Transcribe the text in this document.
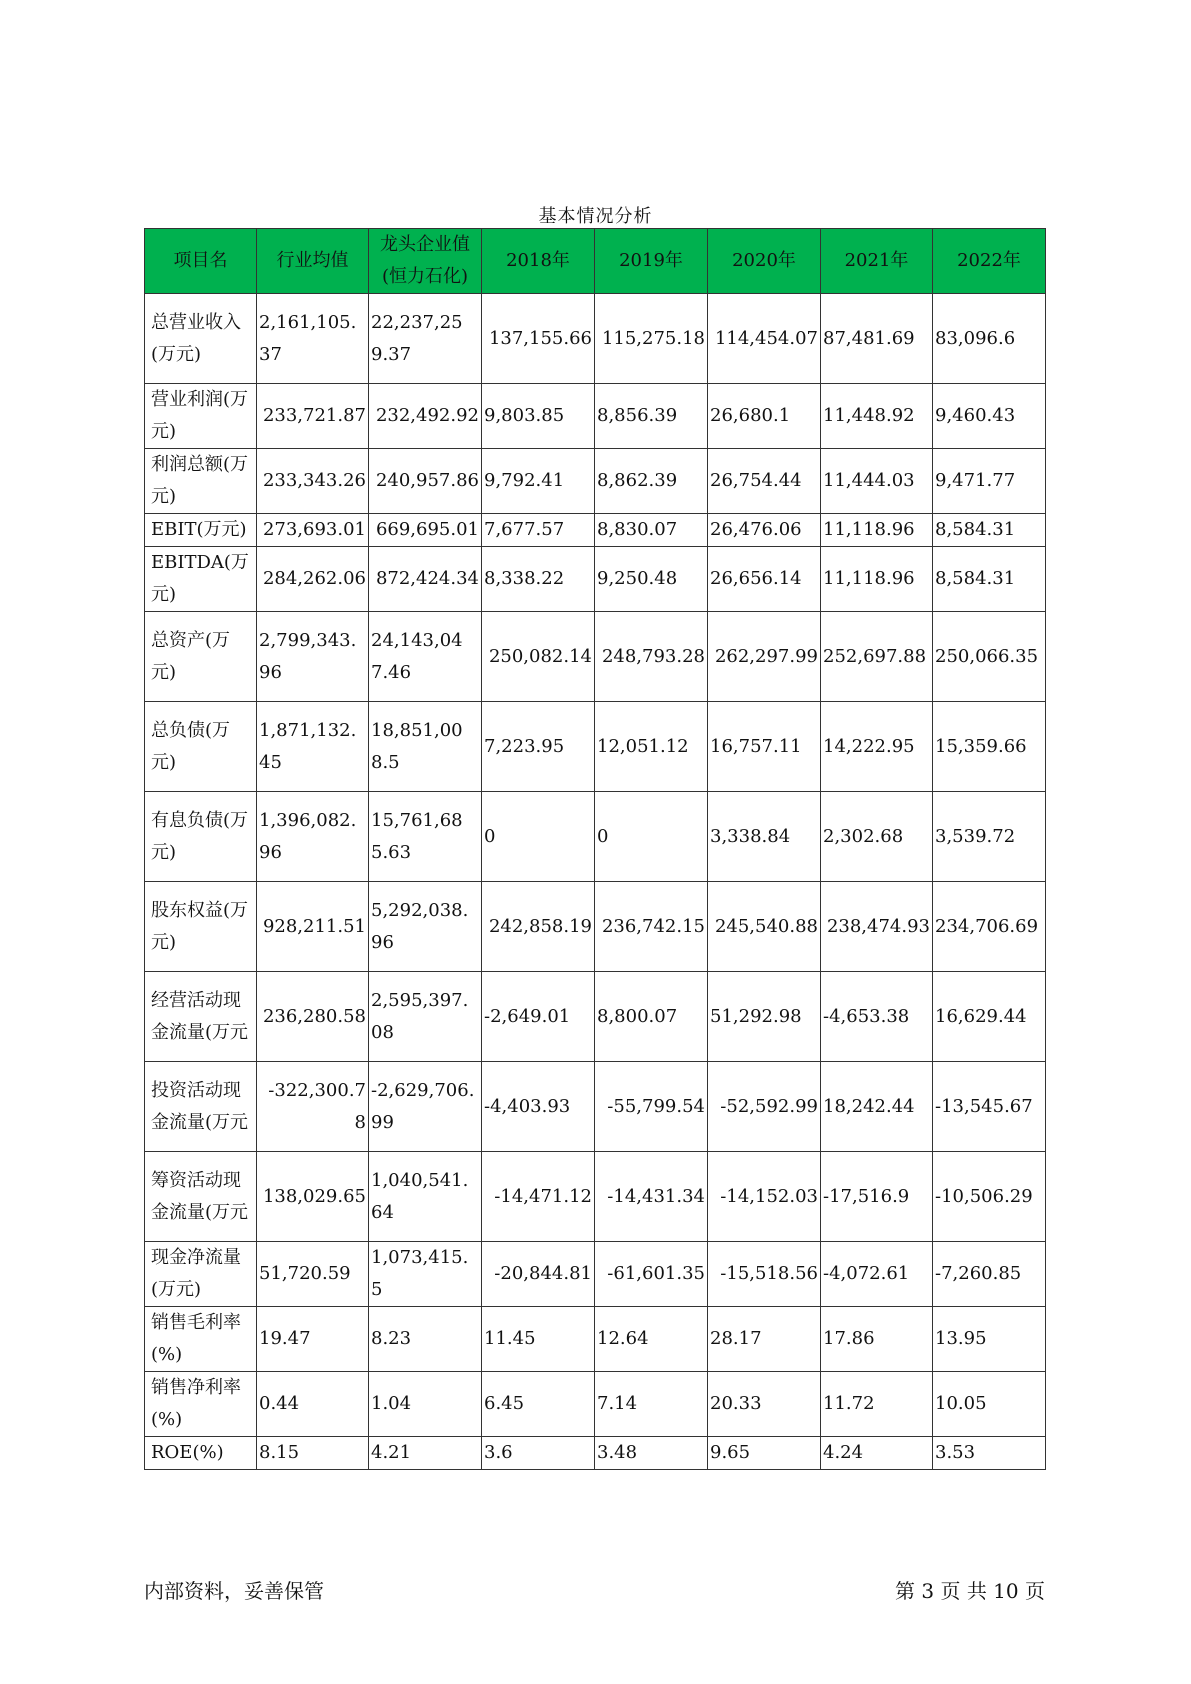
基本情况分析
项目名	行业均值	龙头企业值(恒力石化)	2018年	2019年	2020年	2021年	2022年
总营业收入(万元)	2,161,105.37	22,237,259.37	137,155.66	115,275.18	114,454.07	87,481.69	83,096.6
营业利润(万元)	233,721.87	232,492.92	9,803.85	8,856.39	26,680.1	11,448.92	9,460.43
利润总额(万元)	233,343.26	240,957.86	9,792.41	8,862.39	26,754.44	11,444.03	9,471.77
EBIT(万元)	273,693.01	669,695.01	7,677.57	8,830.07	26,476.06	11,118.96	8,584.31
EBITDA(万元)	284,262.06	872,424.34	8,338.22	9,250.48	26,656.14	11,118.96	8,584.31
总资产(万元)	2,799,343.96	24,143,047.46	250,082.14	248,793.28	262,297.99	252,697.88	250,066.35
总负债(万元)	1,871,132.45	18,851,008.5	7,223.95	12,051.12	16,757.11	14,222.95	15,359.66
有息负债(万元)	1,396,082.96	15,761,685.63	0	0	3,338.84	2,302.68	3,539.72
股东权益(万元)	928,211.51	5,292,038.96	242,858.19	236,742.15	245,540.88	238,474.93	234,706.69
经营活动现金流量(万元	236,280.58	2,595,397.08	-2,649.01	8,800.07	51,292.98	-4,653.38	16,629.44
投资活动现金流量(万元	-322,300.78	-2,629,706.99	-4,403.93	-55,799.54	-52,592.99	18,242.44	-13,545.67
筹资活动现金流量(万元	138,029.65	1,040,541.64	-14,471.12	-14,431.34	-14,152.03	-17,516.9	-10,506.29
现金净流量(万元)	51,720.59	1,073,415.5	-20,844.81	-61,601.35	-15,518.56	-4,072.61	-7,260.85
销售毛利率(%)	19.47	8.23	11.45	12.64	28.17	17.86	13.95
销售净利率(%)	0.44	1.04	6.45	7.14	20.33	11.72	10.05
ROE(%)	8.15	4.21	3.6	3.48	9.65	4.24	3.53
内部资料，妥善保管	第 3 页 共 10 页
